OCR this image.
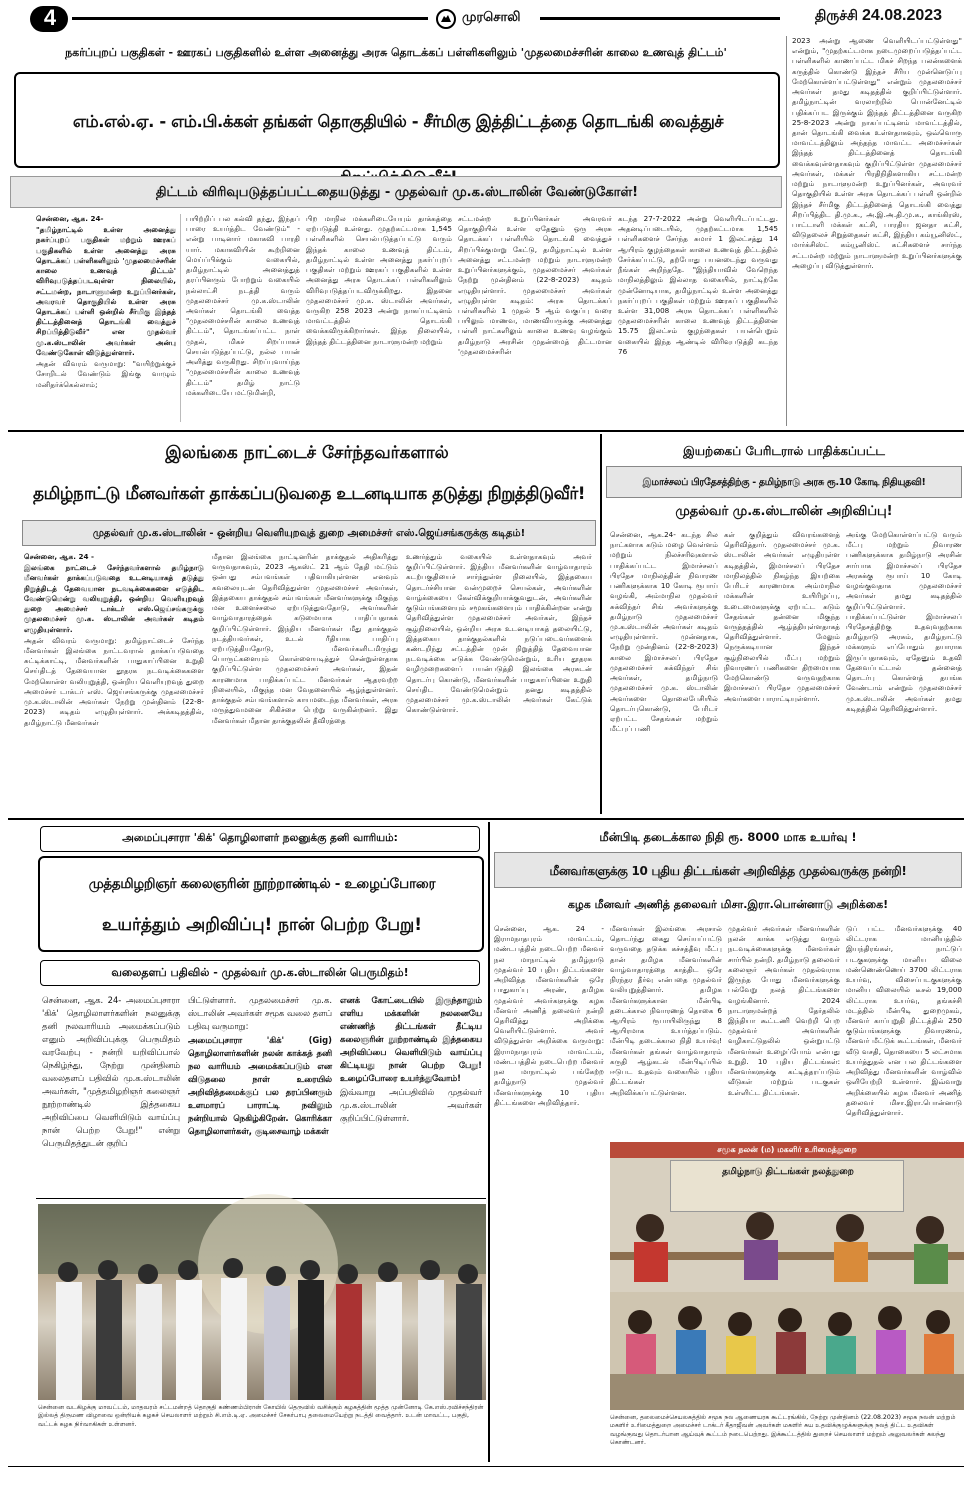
4	முரசொலி	திருச்சி 24.08.2023
நகர்ப்புறப் பகுதிகள் - ஊரகப் பகுதிகளில் உள்ள அனைத்து அரசு தொடக்கப் பள்ளிகளிலும் 'முதலமைச்சரின் காலை உணவுத் திட்டம்'
எம்.எல்.ஏ. - எம்.பி.க்கள் தங்கள் தொகுதியில் - சீர்மிகு இத்திட்டத்தை தொடங்கி வைத்துச்
திட்டம் விரிவுபடுத்தப்பட்டதையடுத்து - முதல்வர் மு.க.ஸ்டாலின் வேண்டுகோள்!

சென்னை, ஆக. 24-

"தமிழ்நாட்டில் உள்ள அனைத்து நகர்ப்புறப் பகுதிகள் மற்றும் ஊரகப் பகுதிகளில் உள்ள அனைத்து அரசு தொடக்கப் பள்ளிகளிலும் 'முதலமைச்சரின் காலை உணவுத் திட்டம்' விரிவுபடுத்தப்படவுள்ள நிலையில், சட்டமன்ற, நாடாளுமன்ற உறுப்பினர்கள், அவரவர் தொகுதியில் உள்ள அரசு தொடக்கப் பள்ளி ஒன்றில் சீர்மிகு இந்தத் திட்டத்தினைத் தொடங்கி வைத்துச் சிறப்பித்திடுவீர்" என முதல்வர் மு.க.ஸ்டாலின் அவர்கள் அன்பு வேண்டுகோள் விடுத்துள்ளார்.

அதன் விவரம் வருமாறு: "வயிற்றுக்குச் சோறிடல் வேண்டும் இங்கு வாழும் மனிதர்க்கெல்லாம்;

பயிற்றிப் பல கல்வி தந்து, இந்தப் பாரை உயர்த்திட வேண்டும்" - என்று பாடினார் மகாகவி பாரதி யார். மகாகவியின் கூற்றினை மெய்ப்பிக்கும் வகையில், தமிழ்நாட்டில் அனைத்துத் தரப்பினரும் போற்றும் வகையில் நல்லாட்சி நடத்தி வரும் முதலமைச்சர் மு.க.ஸ்டாலின் அவர்கள் தொடங்கி வைத்த "முதலமைச்சரின் காலை உணவுத் திட்டம்", தொடங்கப்பட்ட நாள் முதல், மிகச் சிறப்பாகச் செயல்படுத்தப்பட்டு, நல்ல பயன் அளித்து வருகிறது. சிறப்புவாய்ந்த "முதலமைச்சரின் காலை உணவுத் திட்டம்" தமிழ் நாட்டு மக்களிடையே மட்டுமின்றி,

பிற மாநில மக்களிடையேயும் தாக்கத்தை ஏற்படுத்தி உள்ளது. முதற்கட்டமாக 1,545 பள்ளிகளில் செயல்படுத்தப்பட்டு வரும் இந்தக் காலை உணவுத் திட்டம், தமிழ்நாட்டில் உள்ள அனைத்து நகர்ப்புறப் பகுதிகள் மற்றும் ஊரகப் பகுதிகளில் உள்ள அனைத்து அரசு தொடக்கப் பள்ளிகளிலும் விரிவுபடுத்தப்படவிருக்கிறது. இதனை முதலமைச்சர் மு.க. ஸ்டாலின் அவர்கள், வருகிற 258 2023 அன்று நாகப்பட்டினம் மாவட்டத்தில் தொடங்கி வைக்கவிருக்கிறார்கள். இந்த நிலையில், இந்தத் திட்டத்தினை நாடாளுமன்ற மற்றும்

சட்டமன்ற உறுப்பினர்கள் அவரவர் தொகுதியில் உள்ள ஏதேனும் ஒரு அரசு தொடக்கப் பள்ளியில் தொடங்கி வைத்துச் சிறப்பிக்குமாறு கேட்டு, தமிழ்நாட்டில் உள்ள அனைத்து சட்டமன்ற மற்றும் நாடாளுமன்ற உறுப்பினர்களுக்கும், முதலமைச்சர் அவர்கள் நேற்று முன்தினம் (22-8-2023) கடிதம் எழுதியுள்ளார். முதலமைச்சர் அவர்கள் எழுதியுள்ள கடிதம்: அரசு தொடக்கப் பள்ளிகளில் 1 முதல் 5 ஆம் வகுப்பு வரை பயிலும் மாணவ, மாணவியருக்கு அனைத்து பள்ளி நாட்களிலும் காலை உணவு வழங்கும் தமிழ்நாடு அரசின் முதன்மைத் திட்டமான 'முதலமைச்சரின்

கடந்த 27-7-2022 அன்று வெளியிடப்பட்டது. அதனடிப்படையில், முதற்கட்டமாக 1,545 பள்ளிகளைச் சேர்ந்த சுமார் 1 இலட்சத்து 14 ஆயிரம் குழந்தைகள் காலை உணவுத் திட்டத்தில் சேர்க்கப்பட்டு, தற்போது பயனடைந்து வருவது நீங்கள் அறிந்ததே. "இந்தியாவில் வேறெந்த மாநிலத்திலும் இல்லாத வகையில், நாட்டிற்கே முன்னோடியாக, தமிழ்நாட்டில் உள்ள அனைத்து நகர்ப்புறப் பகுதிகள் மற்றும் ஊரகப் பகுதிகளில் உள்ள 31,008 அரசு தொடக்கப் பள்ளிகளில் முதலமைச்சரின் காலை உணவுத் திட்டத்தினை 15.75 இலட்சம் குழந்தைகள் பயன்பெறும் வகையில் இந்த ஆண்டில் விரிவுபடுத்தி கடந்த 76

2023 அன்று ஆணை வெளியிடப்பட்டுள்ளது" என்றும், "முதற்கட்டமாக நடைமுறைப்படுத்தப்பட்ட பள்ளிகளில் காணப்பட்ட மிகச் சிறந்த பலன்களைக் கருத்தில் கொண்டு இந்தச் சீரிய முன்னெடுப்பு மேற்கொள்ளப்பட்டுள்ளது" என்றும் முதலமைச்சர் அவர்கள் தமது கடிதத்தில் குறிப்பிட்டுள்ளார். தமிழ்நாட்டின் வரலாற்றில் பொன்னேட்டில் பதிக்கப்பட இருக்கும் இந்தத் திட்டத்தினை வருகிற 25-8-2023 அன்று நாகப்பட்டினம் மாவட்டத்தில், தான் தொடங்கி வைக்க உள்ளதாகவும், ஒவ்வொரு மாவட்டத்திலும் அந்தந்த மாவட்ட அமைச்சர்கள் இந்தத் திட்டத்தினைத் தொடங்கி வைக்கவுள்ளதாகவும் குறிப்பிட்டுள்ள முதலமைச்சர் அவர்கள், மக்கள் பிரதிநிதிகளாகிய சட்டமன்ற மற்றும் நாடாளுமன்ற உறுப்பினர்கள், அவரவர் தொகுதியில் உள்ள அரசு தொடக்கப் பள்ளி ஒன்றில் இந்தச் சீர்மிகு திட்டத்தினைத் தொடங்கி வைத்து சிறப்பித்திட தி.மு.க., அ.இ.அ.தி.மு.க., காங்கிரஸ், பாட்டாளி மக்கள் கட்சி, பாரதிய ஜனதா கட்சி, விடுதலைச் சிறுத்தைகள் கட்சி, இந்திய கம்யூனிஸ்ட், மார்க்சிஸ்ட் கம்யூனிஸ்ட் கட்சிகளைச் சார்ந்த சட்டமன்ற மற்றும் நாடாளுமன்ற உறுப்பினர்களுக்கு அழைப்பு விடுத்துள்ளார்.

இலங்கை நாட்டைச் சேர்ந்தவர்களால்
தமிழ்நாட்டு மீனவர்கள் தாக்கப்படுவதை உடனடியாக தடுத்து நிறுத்திடுவீர்!
முதல்வர் மு.க.ஸ்டாலின் - ஒன்றிய வெளியுறவுத் துறை அமைச்சர் எஸ்.ஜெய்சங்கருக்கு கடிதம்!

சென்னை, ஆக. 24 -

இலங்கை நாட்டைச் சேர்ந்தவர்களால் தமிழ்நாடு மீனவர்கள் தாக்கப்படுவதை உடனடியாகத் தடுத்து நிறுத்திடத் தேவையான நடவடிக்கைகளை எடுத்திட வேண்டுமென்று வலியுறுத்தி, ஒன்றிய வெளியுறவுத் துறை அமைச்சர் டாக்டர் எஸ்.ஜெய்சங்கருக்கு முதலமைச்சர் மு.க. ஸ்டாலின் அவர்கள் கடிதம் எழுதியுள்ளார்.

அதன் விவரம் வருமாறு: தமிழ்நாட்டைச் சேர்ந்த மீனவர்கள் இலங்கை நாட்டவரால் தாக்கப்படுவதை சுட்டிக்காட்டி, மீனவர்களின் பாதுகாப்பினை உறுதி செய்திடத் தேவையான தூதரக நடவடிக்கைகளை மேற்கொள்ள வலியுறுத்தி, ஒன்றிய வெளியுறவுத் துறை அமைச்சர் டாக்டர் எஸ். ஜெய்சங்கருக்கு முதலமைச்சர் மு.க.ஸ்டாலின் அவர்கள் நேற்று முன்தினம் (22-8-2023) கடிதம் எழுதியுள்ளார். அக்கடிதத்தில், தமிழ்நாட்டு மீனவர்கள்

மீதான இலங்கை நாட்டினரின் தாக்குதல் அதிகரித்து வருவதாகவும், 2023 ஆகஸ்ட் 21 ஆம் தேதி மட்டும் ஒன்பது சம்பவங்கள் பதிவாகியுள்ளன எனவும் கவலையுடன் தெரிவித்துள்ள முதலமைச்சர் அவர்கள், இத்தகைய தாக்குதல் சம்பவங்கள் மீனவர்களுக்கு மிகுந்த மன உளைச்சலை ஏற்படுத்துவதோடு, அவர்களின் வாழ்வாதாரத்தைக் கடுமையாக பாதிப்பதாகக் குறிப்பிட்டுள்ளார். இந்திய மீனவர்கள் மீது தாக்குதல் நடத்தியவர்கள், உடல் ரீதியாக பாதிப்பு ஏற்படுத்தியதோடு, மீனவர்களிடமிருந்து பொருட்களையும் கொள்ளையடித்துச் சென்றுள்ளதாக குறிப்பிட்டுள்ள முதலமைச்சர் அவர்கள், இதன் காரணமாக பாதிக்கப்பட்ட மீனவர்கள் ஆதரவற்ற நிலையில், மிகுந்த மன வேதனையில் ஆழ்ந்துள்ளனர். தாக்குதல் சம்பவங்களால் காயமடைந்த மீனவர்கள், அரசு மருத்துவமனை சிகிச்சை பெற்று வருகின்றனர். இது மீனவர்கள் மீதான தாக்குதலின் தீவிரத்தை

உணர்த்தும் வகையில் உள்ளதாகவும் அவர் குறிப்பிட்டுள்ளார். இந்திய மீனவர்களின் வாழ்வாதாரம் கடற்பகுதியைச் சார்ந்துள்ள நிலையில், இத்தகைய தொடர்ச்சியான வன்முறைச் செயல்கள், அவர்களின் வாழ்க்கையை கேள்விக்குறியாக்குவதுடன், அவர்களின் குடும்பங்களையும் சமூகங்களையும் பாதிக்கின்றன என்று தெரிவித்துள்ள முதலமைச்சர் அவர்கள், இந்தச் சூழ்நிலையில், ஒன்றிய அரசு உடனடியாகத் தலையிட்டு, இத்தகைய தாக்குதல்களில் நடுப்படைவர்களைக் கண்டறிந்து சட்டத்தின் முன் நிறுத்தித் தேவையான நடவடிக்கை எடுக்க வேண்டுமென்றும், உரிய தூதரக வழிமுறைகளைப் பயன்படுத்தி இலங்கை அரசுடன் தொடர்பு கொண்டு, மீனவர்களின் பாதுகாப்பினை உறுதி செய்திட வேண்டுமென்றும் தனது கடிதத்தில் முதலமைச்சர் மு.க.ஸ்டாலின் அவர்கள் கேட்டுக் கொண்டுள்ளார்.

இயற்கைப் பேரிடரால் பாதிக்கப்பட்ட
இமாச்சலப் பிரதேசத்திற்கு - தமிழ்நாடு அரசு ரூ.10 கோடி நிதியுதவி!
முதல்வர் மு.க.ஸ்டாலின் அறிவிப்பு!

சென்னை, ஆக.24- கடந்த சில நாட்களாக கடும் மழை வெள்ளம் மற்றும் நிலச்சரிவுகளால் பாதிக்கப்பட்ட இமாச்சலப் பிரதேச மாநிலத்தின் நிவாரண பணிகளுக்காக 10 கோடி ரூபாய் வழங்கி, அம்மாநில முதல்வர் சுக்விந்தர் சிங் அவர்களுக்கு தமிழ்நாடு முதலமைச்சர் மு.க.ஸ்டாலின் அவர்கள் கடிதம் எழுதியுள்ளார். முன்னதாக, நேற்று முன்தினம் (22-8-2023) காலை இமாச்சலப் பிரதேச முதலமைச்சர் சுக்விந்தர் சிங் அவர்கள், தமிழ்நாடு முதலமைச்சர் மு.க. ஸ்டாலின் அவர்களை தொலைபேசியில் தொடர்புகொண்டு, பேரிடர் ஏற்பட்ட சேதங்கள் மற்றும் மீட்புப் பணி

கள் குறித்தும் விவரங்களைத் தெரிவித்தார். முதலமைச்சர் மு.க. ஸ்டாலின் அவர்கள் எழுதியுள்ள கடிதத்தில், இமாச்சலப் பிரதேச மாநிலத்தில் நிகழ்ந்த இயற்கை பேரிடர் காரணமாக அம்மாநில மக்களின் உயிரிழப்பு, உடைமைகளுக்கு ஏற்பட்ட கடும் சேதங்கள் தன்னை மிகுந்த வருத்தத்தில் ஆழ்த்தியுள்ளதாகத் தெரிவித்துள்ளார். மேலும் நெருக்கடியான இந்தச் சூழ்நிலையில் மீட்பு மற்றும் நிவாரணப் பணிகளை திறமையாக மேற்கொண்டு வருவதற்காக இமாச்சலப் பிரதேச முதலமைச்சர் அவர்களை பாராட்டியுள்ளார்.

அங்கு மேற்கொள்ளப்பட்டு வரும் மீட்பு மற்றும் நிவாரண பணிகளுக்காக தமிழ்நாடு அரசின் சார்பாக இமாச்சலப் பிரதேச அரசுக்கு ரூபாய் 10 கோடி வழங்குவதாக முதலமைச்சர் அவர்கள் தமது கடிதத்தில் குறிப்பிட்டுள்ளார். பாதிக்கப்பட்டுள்ள இமாச்சலப் பிரதேசத்திற்கு உதவுவதற்காக தமிழ்நாடு அரசும், தமிழ்நாட்டு மக்களும் எப்போதும் தயாராக இருப்பதாகவும், ஏதேனும் உதவி தேவைப்பட்டால் தன்னைத் தொடர்பு கொள்ளத் தயங்க வேண்டாம் என்றும் முதலமைச்சர் மு.க.ஸ்டாலின் அவர்கள் தமது கடிதத்தில் தெரிவித்துள்ளார்.

அமைப்புசாரா 'கிக்' தொழிலாளர் நலனுக்கு தனி வாரியம்:
முத்தமிழறிஞர் கலைஞரின் நூற்றாண்டில் - உழைப்போரை
உயர்த்தும் அறிவிப்பு! நான் பெற்ற பேறு!
வலைதளப் பதிவில் - முதல்வர் மு.க.ஸ்டாலின் பெருமிதம்!

சென்னை, ஆக. 24- அமைப்புசாரா 'கிக்' தொழிலாளர்களின் நலனுக்கு தனி நலவாரியம் அமைக்கப்படும் எனும் அறிவிப்புக்கு பெருமிதம் வரவேற்பு - நன்றி யறிவிப்பால் நெகிழ்ந்து, நேற்று முன்தினம் வலைதளப் பதிவில் மு.க.ஸ்டாலின் அவர்கள், "முத்தமிழறிஞர் கலைஞர் நூற்றாண்டில் இத்தகைய அறிவிப்பை வெளியிடும் வாய்ப்பு நான் பெற்ற பேறு!" என்று பெருமிதத்துடன் குறிப்

பிட்டுள்ளார். முதலமைச்சர் மு.க. ஸ்டாலின் அவர்கள் சமூக வலை தளப் பதிவு வருமாறு:

அமைப்புசாரா 'கிக்' (Gig) தொழிலாளர்களின் நலன் காக்கத் தனி நல வாரியம் அமைக்கப்படும் என விடுதலை நாள் உரையில் அறிவித்தமைக்குப் பல தரப்பினரும் உளமாரப் பாராட்டி நவிலும் நன்றியால் நெகிழ்கிறேன். கொரிக்கா தொழிலாளர்கள், குடிசைவாழ் மக்கள்

எனக் கோட்டையில் இருந்தாலும் எளிய மக்களின் நலனையே எண்ணித் திட்டங்கள் தீட்டிய கலைஞரின் நூற்றாண்டில் இத்தகைய அறிவிப்பை வெளியிடும் வாய்ப்பு கிட்டியது நான் பெற்ற பேறு! உழைப்போரை உயர்த்துவோம்!

இவ்வாறு அப்பதிவில் முதல்வர் மு.க.ஸ்டாலின் அவர்கள் குறிப்பிட்டுள்ளார்.

மீன்பிடி தடைக்கால நிதி ரூ. 8000 மாக உயர்வு !
மீனவர்களுக்கு 10 புதிய திட்டங்கள் அறிவித்த முதல்வருக்கு நன்றி!
கழக மீனவர் அணித் தலைவர் மிசா.இரா.பொன்னாடு அறிக்கை!

சென்னை, ஆக. 24 - இராமநாதபுரம் மாவட்டம், மண்டபத்தில் நடைபெற்ற மீனவர் நல மாநாட்டில் தமிழ்நாடு முதல்வர் 10 புதிய திட்டங்களை அறிவித்த மீனவர்களின் ஒரே பாதுகாப்பு அரண், தமிழக முதல்வர் அவர்களுக்கு கழக மீனவர் அணித் தலைவர் நன்றி தெரிவித்து அறிக்கை வெளியிட்டுள்ளார். அவர் விடுத்துள்ள அறிக்கை வருமாறு: இராமநாதபுரம் மாவட்டம், மண்டபத்தில் நடைபெற்ற மீனவர் நல மாநாட்டில் பங்கேற்ற தமிழ்நாடு முதல்வர் மீனவர்களுக்கு 10 புதிய திட்டங்களை அறிவித்தார்.

மீனவர்கள் இலங்கை அரசால் தொடர்ந்து கைது செய்யப்பட்டு வருவதை தடுக்க கச்சத்தீவு மீட்பு தான் தமிழக மீனவர்களின் வாழ்வாதாரத்தை காத்திட ஒரே நிரந்தர தீர்வு என்பதை முதல்வர் வலியுறுத்தினார். தமிழக மீனவர்களுக்கான மீன்பிடி தடைக்கால நிவாரணத் தொகை 6 ஆயிரம் ரூபாயிலிருந்து 8 ஆயிரமாக உயர்த்தப்படும். மீன்பிடி தடைக்கால நிதி உயர்வு! மீனவர்கள் தங்கள் வாழ்வாதாரம் கருதி ஆழ்கடல் மீன்பிடிப்பில் ஈடுபட உதவும் வகையில் புதிய திட்டங்கள் அறிவிக்கப்பட்டுள்ளன.

முதல்வர் அவர்கள் மீனவர்களின் நலன் காக்க எடுத்து வரும் நடவடிக்கைகளுக்கு மீனவர்கள் சார்பில் நன்றி. தமிழ்நாடு தலைவர் கலைஞர் அவர்கள் முதல்வராக இருந்த போது மீனவர்களுக்கு பல்வேறு நலத் திட்டங்களை வழங்கினார். 2024 நாடாளுமன்றத் தேர்தலில் இந்தியா கூட்டணி வெற்றி பெற முதல்வர் அவர்களின் வழிகாட்டுதலில் ஒன்றுபட்டு மீனவர்கள் உழைப்போம் என்பது உறுதி. 10 புதிய திட்டங்கள்: மீனவர்களுக்கு கட்டித்தரப்படும் வீடுகள் மற்றும் படகுகள் உள்ளிட்ட திட்டங்கள்.

டுப் பட்ட மீனவர்களுக்கு 40 லிட்டராக மானியத்தில் இயந்திரங்கள், நாட்டுப் படகுகளுக்கு மானிய விலை மண்ணெண்ணெய் 3700 லிட்டராக உயர்வு, விசைப்படகுகளுக்கு மானிய விலையில் டீசல் 19,000 லிட்டராக உயர்வு, தங்கச்சி மடத்தில் மீன்பிடி துறைமுகம், மீனவர் காப்புறுதி திட்டத்தில் 250 குடும்பங்களுக்கு நிவாரணம், மீனவர் மீட்டுக் கூட்டங்கள், மீனவர் வீடு வசதி, தொகையை 5 லட்சமாக உயர்த்துதல் என பல திட்டங்களை அறிவித்து மீனவர்களின் வாழ்வில் ஒளியேற்றி உள்ளார். இவ்வாறு அறிக்கையில் கழக மீனவர் அணித் தலைவர் மிசா.இரா.பொன்னாடு தெரிவித்துள்ளார்.

சென்னை வடகிழக்கு மாவட்டம், மாதவரம் சட்டமன்றத் தொகுதி கண்ணம்பிரான் கோயில் தெருவில் வசிக்கும் கழகத்தின் மூத்த முன்னோடி கே.எஸ்.ரவிச்சந்திரன் இல்லத் திருமண விழாவை ஒன்றியக் கழகச் செயலாளர் மற்றும் சி.எம்.டி.ஏ. அமைச்சர் சேகர்பாபு தலைமையேற்று நடத்தி வைத்தார். உடன் மாவட்ட, பகுதி, வட்டக் கழக நிர்வாகிகள் உள்ளனர்.
சமூக நலன் (ம) மகளிர் உரிமைத்துறை
தமிழ்நாடு திட்டங்கள் நலத்துறை
சென்னை, தலைமைச்செயலகத்தில் சமூக நல ஆணையரக கூட்டரங்கில், நேற்று முன்தினம் (22.08.2023) சமூக நலன் மற்றும் மகளிர் உரிமைத்துறை அமைச்சர் டாக்டர் கீதாஜீவன் அவர்கள் மகளிர் சுய உதவிக்குழுக்களுக்கு நலத் திட்ட உதவிகள் வழங்குவது தொடர்பான ஆய்வுக் கூட்டம் நடைபெற்றது. இக்கூட்டத்தில் துறைச் செயலாளர் மற்றும் அலுவலர்கள் கலந்து கொண்டனர்.
